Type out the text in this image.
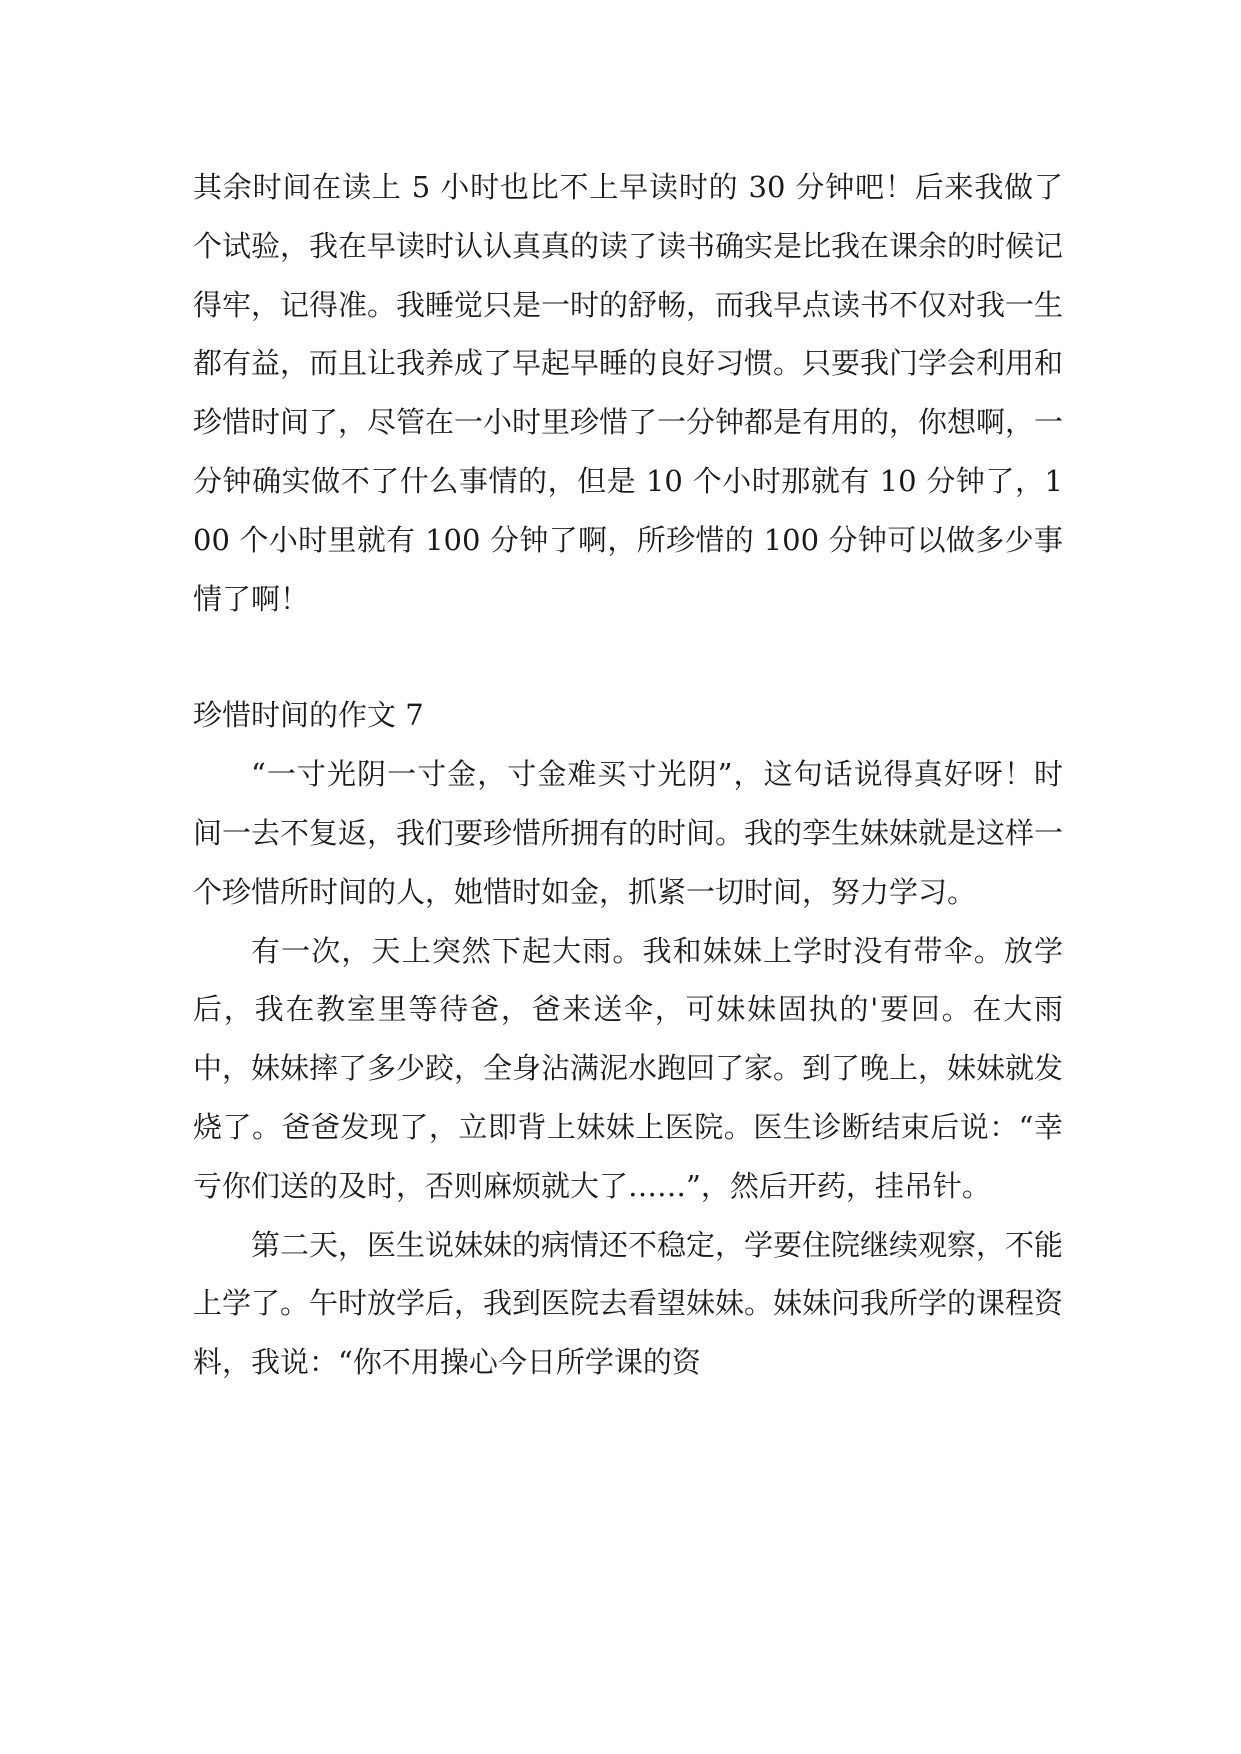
其余时间在读上 5 小时也比不上早读时的 30 分钟吧！后来我做了个试验，我在早读时认认真真的读了读书确实是比我在课余的时候记得牢，记得准。我睡觉只是一时的舒畅，而我早点读书不仅对我一生都有益，而且让我养成了早起早睡的良好习惯。只要我门学会利用和珍惜时间了，尽管在一小时里珍惜了一分钟都是有用的，你想啊，一分钟确实做不了什么事情的，但是 10 个小时那就有 10 分钟了，100 个小时里就有 100 分钟了啊，所珍惜的 100 分钟可以做多少事情了啊！

珍惜时间的作文 7

“一寸光阴一寸金，寸金难买寸光阴”，这句话说得真好呀！时间一去不复返，我们要珍惜所拥有的时间。我的孪生妹妹就是这样一个珍惜所时间的人，她惜时如金，抓紧一切时间，努力学习。

有一次，天上突然下起大雨。我和妹妹上学时没有带伞。放学后，我在教室里等待爸，爸来送伞，可妹妹固执的'要回。在大雨中，妹妹摔了多少跤，全身沾满泥水跑回了家。到了晚上，妹妹就发烧了。爸爸发现了，立即背上妹妹上医院。医生诊断结束后说：“幸亏你们送的及时，否则麻烦就大了……”，然后开药，挂吊针。

第二天，医生说妹妹的病情还不稳定，学要住院继续观察，不能上学了。午时放学后，我到医院去看望妹妹。妹妹问我所学的课程资料，我说：“你不用操心今日所学课的资
